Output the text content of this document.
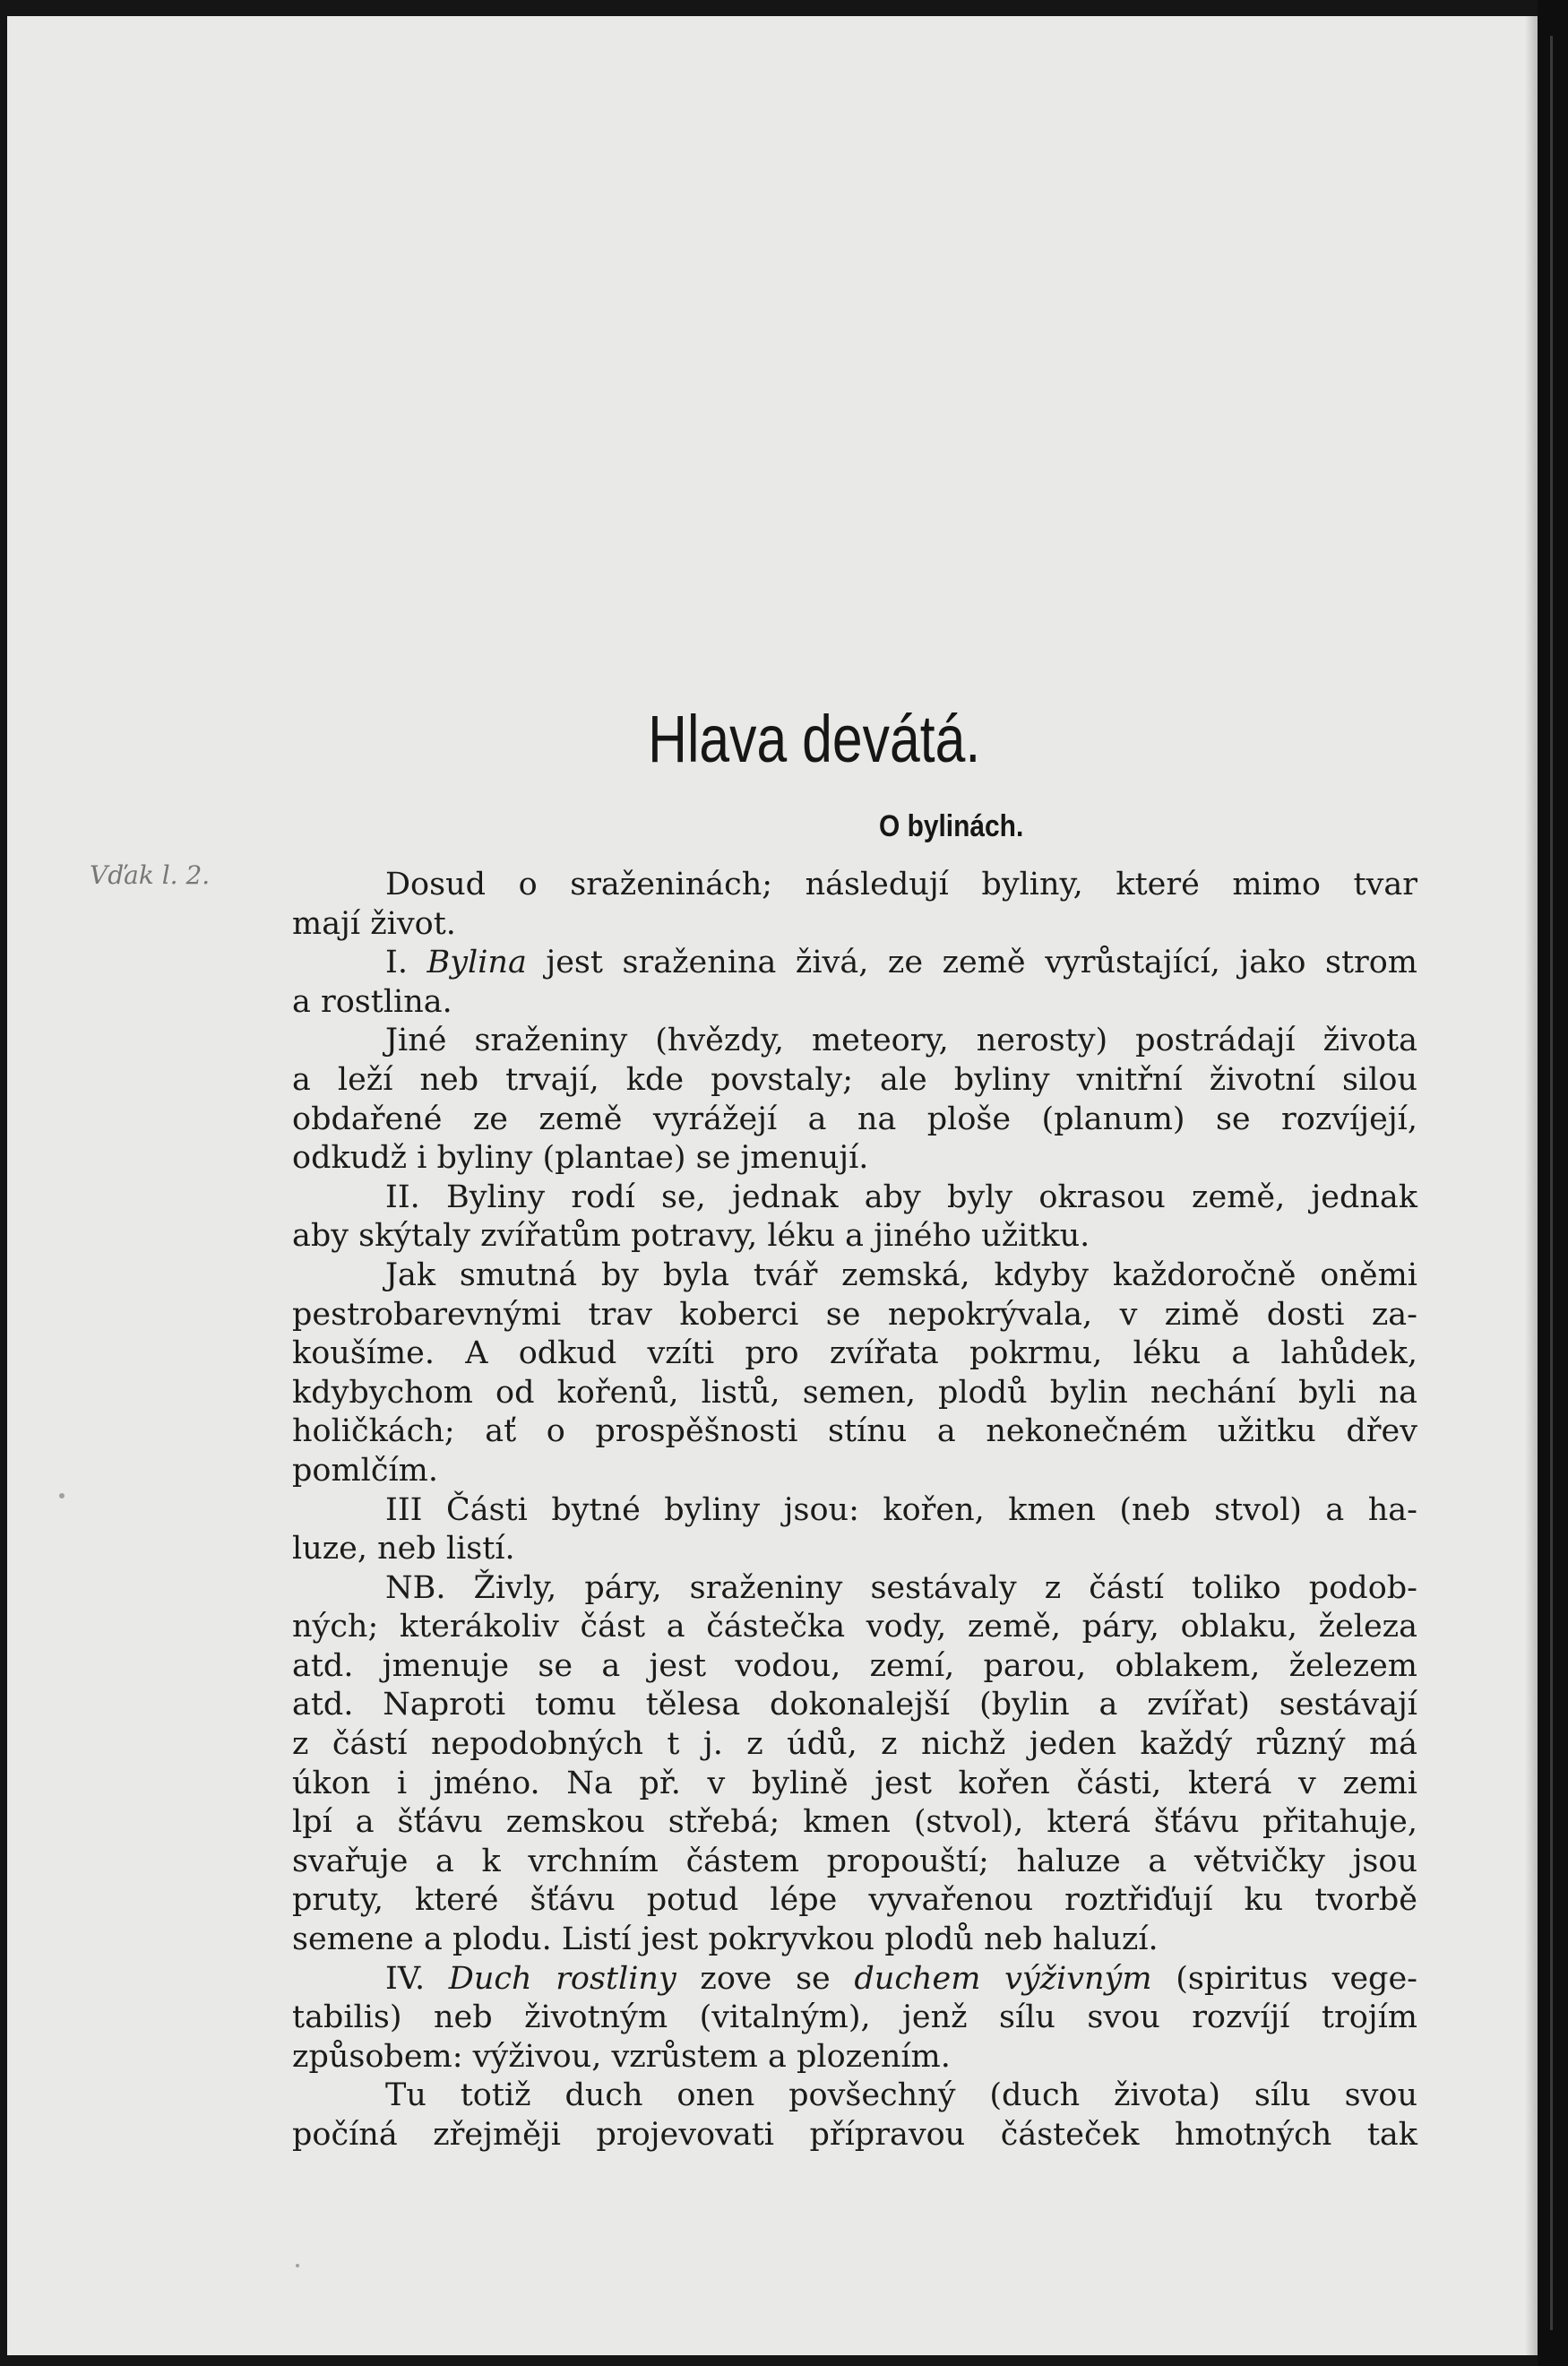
Vďak l. 2.
Hlava devátá.
O bylinách.
Dosud o sraženinách; následují byliny, které mimo tvar
mají život.
I. Bylina jest sraženina živá, ze země vyrůstající, jako strom
a rostlina.
Jiné sraženiny (hvězdy, meteory, nerosty) postrádají života
a leží neb trvají, kde povstaly; ale byliny vnitřní životní silou
obdařené ze země vyrážejí a na ploše (planum) se rozvíjejí,
odkudž i byliny (plantae) se jmenují.
II. Byliny rodí se, jednak aby byly okrasou země, jednak
aby skýtaly zvířatům potravy, léku a jiného užitku.
Jak smutná by byla tvář zemská, kdyby každoročně oněmi
pestrobarevnými trav koberci se nepokrývala, v zimě dosti za-
koušíme. A odkud vzíti pro zvířata pokrmu, léku a lahůdek,
kdybychom od kořenů, listů, semen, plodů bylin nechání byli na
holičkách; ať o prospěšnosti stínu a nekonečném užitku dřev
pomlčím.
III Části bytné byliny jsou: kořen, kmen (neb stvol) a ha-
luze, neb listí.
NB. Živly, páry, sraženiny sestávaly z částí toliko podob-
ných; kterákoliv část a částečka vody, země, páry, oblaku, železa
atd. jmenuje se a jest vodou, zemí, parou, oblakem, železem
atd. Naproti tomu tělesa dokonalejší (bylin a zvířat) sestávají
z částí nepodobných t j. z údů, z nichž jeden každý různý má
úkon i jméno. Na př. v bylině jest kořen části, která v zemi
lpí a šťávu zemskou střebá; kmen (stvol), která šťávu přitahuje,
svařuje a k vrchním částem propouští; haluze a větvičky jsou
pruty, které šťávu potud lépe vyvařenou roztřiďují ku tvorbě
semene a plodu. Listí jest pokryvkou plodů neb haluzí.
IV. Duch rostliny zove se duchem výživným (spiritus vege-
tabilis) neb životným (vitalným), jenž sílu svou rozvíjí trojím
způsobem: výživou, vzrůstem a plozením.
Tu totiž duch onen povšechný (duch života) sílu svou
počíná zřejměji projevovati přípravou částeček hmotných tak
